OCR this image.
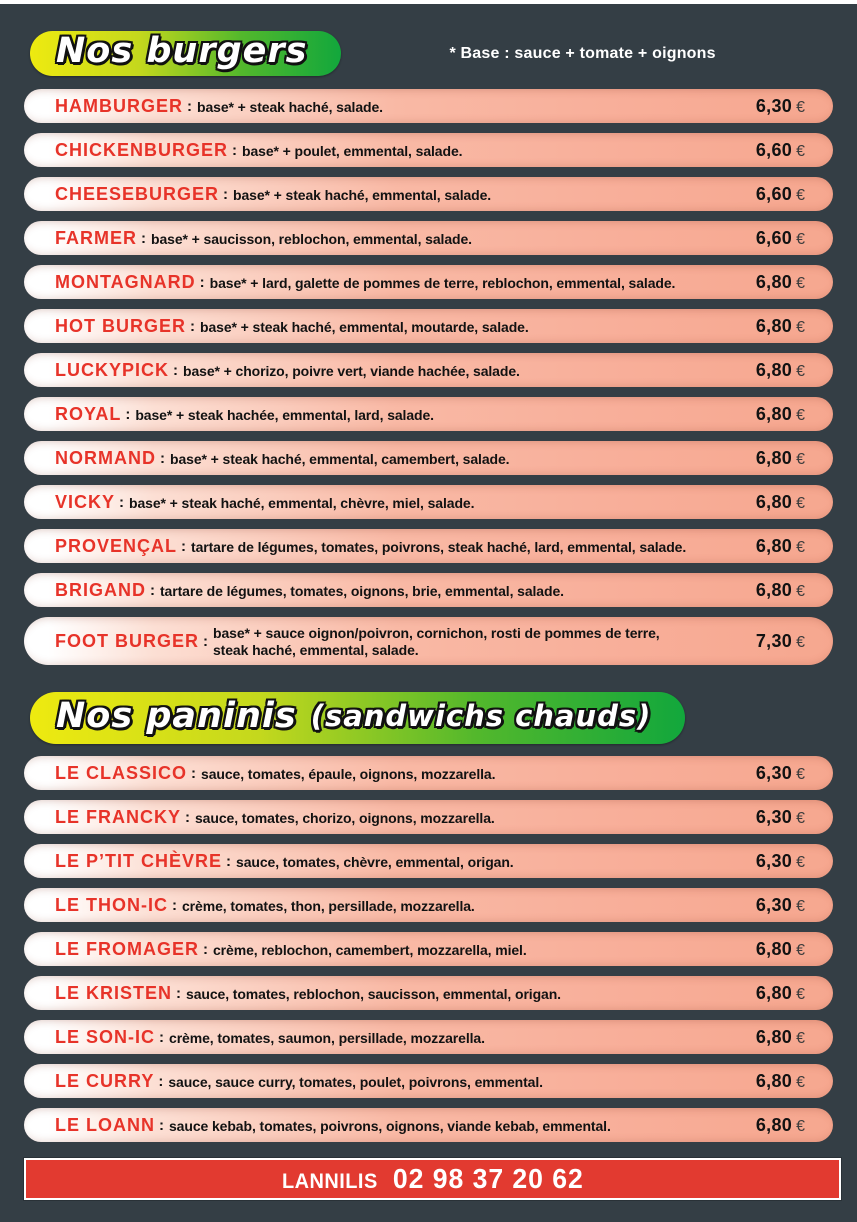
Nos burgers	* Base : sauce + tomate + oignons
HAMBURGER : base* + steak haché, salade.	6,30 €
CHICKENBURGER : base* + poulet, emmental, salade.	6,60 €
CHEESEBURGER : base* + steak haché, emmental, salade.	6,60 €
FARMER : base* + saucisson, reblochon, emmental, salade.	6,60 €
MONTAGNARD : base* + lard, galette de pommes de terre, reblochon, emmental, salade.	6,80 €
HOT BURGER : base* + steak haché, emmental, moutarde, salade.	6,80 €
LUCKYPICK : base* + chorizo, poivre vert, viande hachée, salade.	6,80 €
ROYAL : base* + steak hachée, emmental, lard, salade.	6,80 €
NORMAND : base* + steak haché, emmental, camembert, salade.	6,80 €
VICKY : base* + steak haché, emmental, chèvre, miel, salade.	6,80 €
PROVENÇAL : tartare de légumes, tomates, poivrons, steak haché, lard, emmental, salade.	6,80 €
BRIGAND : tartare de légumes, tomates, oignons, brie, emmental, salade.	6,80 €
FOOT BURGER :
base* + sauce oignon/poivron, cornichon, rosti de pommes de terre,
steak haché, emmental, salade.	7,30 €
Nos paninis (sandwichs chauds)
LE CLASSICO : sauce, tomates, épaule, oignons, mozzarella.	6,30 €
LE FRANCKY : sauce, tomates, chorizo, oignons, mozzarella.	6,30 €
LE P’TIT CHÈVRE : sauce, tomates, chèvre, emmental, origan.	6,30 €
LE THON-IC : crème, tomates, thon, persillade, mozzarella.	6,30 €
LE FROMAGER : crème, reblochon, camembert, mozzarella, miel.	6,80 €
LE KRISTEN : sauce, tomates, reblochon, saucisson, emmental, origan.	6,80 €
LE SON-IC : crème, tomates, saumon, persillade, mozzarella.	6,80 €
LE CURRY : sauce, sauce curry, tomates, poulet, poivrons, emmental.	6,80 €
LE LOANN : sauce kebab, tomates, poivrons, oignons, viande kebab, emmental.	6,80 €
LANNILIS 02 98 37 20 62
